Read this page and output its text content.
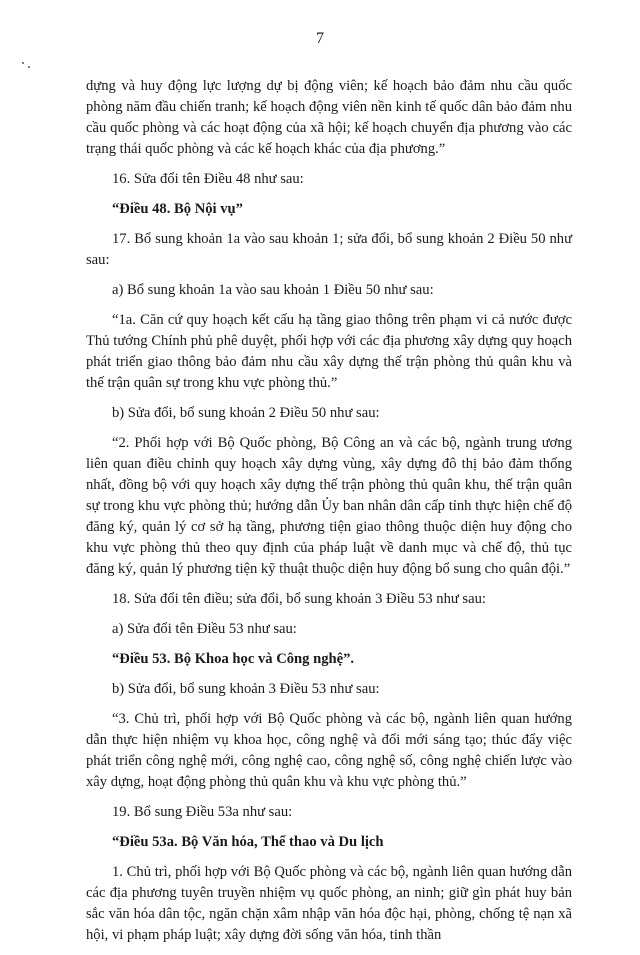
7

dựng và huy động lực lượng dự bị động viên; kế hoạch bảo đảm nhu cầu quốc phòng năm đầu chiến tranh; kế hoạch động viên nền kinh tế quốc dân bảo đảm nhu cầu quốc phòng và các hoạt động của xã hội; kế hoạch chuyển địa phương vào các trạng thái quốc phòng và các kế hoạch khác của địa phương.”

16. Sửa đổi tên Điều 48 như sau:

“Điều 48. Bộ Nội vụ”

17. Bổ sung khoản 1a vào sau khoản 1; sửa đổi, bổ sung khoản 2 Điều 50 như sau:

a) Bổ sung khoản 1a vào sau khoản 1 Điều 50 như sau:

“1a. Căn cứ quy hoạch kết cấu hạ tầng giao thông trên phạm vi cả nước được Thủ tướng Chính phủ phê duyệt, phối hợp với các địa phương xây dựng quy hoạch phát triển giao thông bảo đảm nhu cầu xây dựng thế trận phòng thủ quân khu và thế trận quân sự trong khu vực phòng thủ.”

b) Sửa đổi, bổ sung khoản 2 Điều 50 như sau:

“2. Phối hợp với Bộ Quốc phòng, Bộ Công an và các bộ, ngành trung ương liên quan điều chỉnh quy hoạch xây dựng vùng, xây dựng đô thị bảo đảm thống nhất, đồng bộ với quy hoạch xây dựng thế trận phòng thủ quân khu, thế trận quân sự trong khu vực phòng thủ; hướng dẫn Ủy ban nhân dân cấp tỉnh thực hiện chế độ đăng ký, quản lý cơ sở hạ tầng, phương tiện giao thông thuộc diện huy động cho khu vực phòng thủ theo quy định của pháp luật về danh mục và chế độ, thủ tục đăng ký, quản lý phương tiện kỹ thuật thuộc diện huy động bổ sung cho quân đội.”

18. Sửa đổi tên điều; sửa đổi, bổ sung khoản 3 Điều 53 như sau:

a) Sửa đổi tên Điều 53 như sau:

“Điều 53. Bộ Khoa học và Công nghệ”.

b) Sửa đổi, bổ sung khoản 3 Điều 53 như sau:

“3. Chủ trì, phối hợp với Bộ Quốc phòng và các bộ, ngành liên quan hướng dẫn thực hiện nhiệm vụ khoa học, công nghệ và đổi mới sáng tạo; thúc đẩy việc phát triển công nghệ mới, công nghệ cao, công nghệ số, công nghệ chiến lược vào xây dựng, hoạt động phòng thủ quân khu và khu vực phòng thủ.”

19. Bổ sung Điều 53a như sau:

“Điều 53a. Bộ Văn hóa, Thể thao và Du lịch

1. Chủ trì, phối hợp với Bộ Quốc phòng và các bộ, ngành liên quan hướng dẫn các địa phương tuyên truyền nhiệm vụ quốc phòng, an ninh; giữ gìn phát huy bản sắc văn hóa dân tộc, ngăn chặn xâm nhập văn hóa độc hại, phòng, chống tệ nạn xã hội, vi phạm pháp luật; xây dựng đời sống văn hóa, tinh thần
